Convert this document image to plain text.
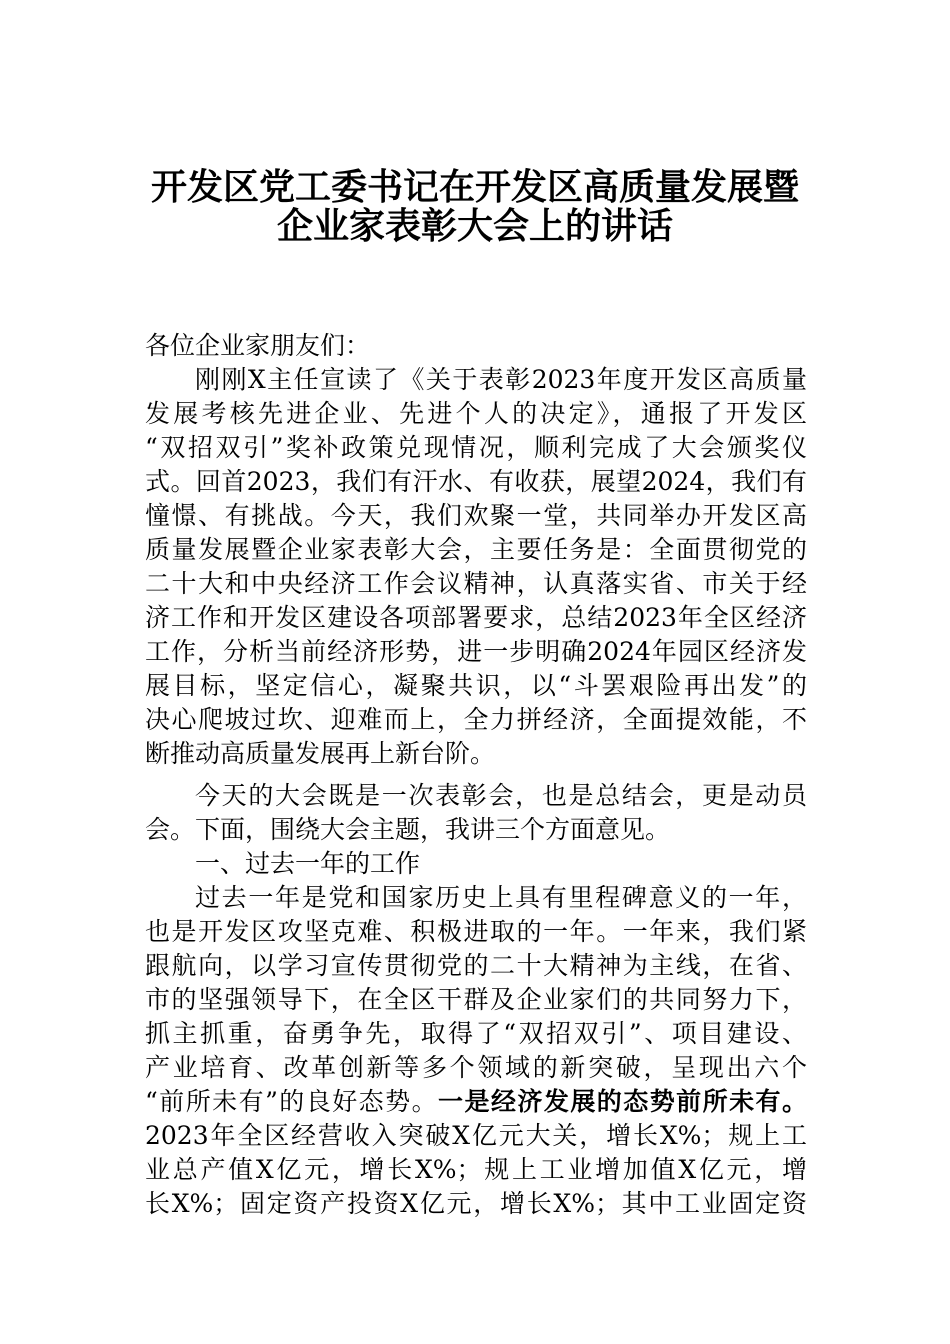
开发区党工委书记在开发区高质量发展暨
企业家表彰大会上的讲话
各位企业家朋友们：
刚刚X主任宣读了《关于表彰2023年度开发区高质量
发展考核先进企业、先进个人的决定》，通报了开发区
“双招双引”奖补政策兑现情况，顺利完成了大会颁奖仪
式。回首2023，我们有汗水、有收获，展望2024，我们有
憧憬、有挑战。今天，我们欢聚一堂，共同举办开发区高
质量发展暨企业家表彰大会，主要任务是：全面贯彻党的
二十大和中央经济工作会议精神，认真落实省、市关于经
济工作和开发区建设各项部署要求，总结2023年全区经济
工作，分析当前经济形势，进一步明确2024年园区经济发
展目标，坚定信心，凝聚共识，以“斗罢艰险再出发”的
决心爬坡过坎、迎难而上，全力拼经济，全面提效能，不
断推动高质量发展再上新台阶。
今天的大会既是一次表彰会，也是总结会，更是动员
会。下面，围绕大会主题，我讲三个方面意见。
一、过去一年的工作
过去一年是党和国家历史上具有里程碑意义的一年，
也是开发区攻坚克难、积极进取的一年。一年来，我们紧
跟航向，以学习宣传贯彻党的二十大精神为主线，在省、
市的坚强领导下，在全区干群及企业家们的共同努力下，
抓主抓重，奋勇争先，取得了“双招双引”、项目建设、
产业培育、改革创新等多个领域的新突破，呈现出六个
“前所未有”的良好态势。一是经济发展的态势前所未有。
2023年全区经营收入突破X亿元大关，增长X%；规上工
业总产值X亿元，增长X%；规上工业增加值X亿元，增
长X%；固定资产投资X亿元，增长X%；其中工业固定资
